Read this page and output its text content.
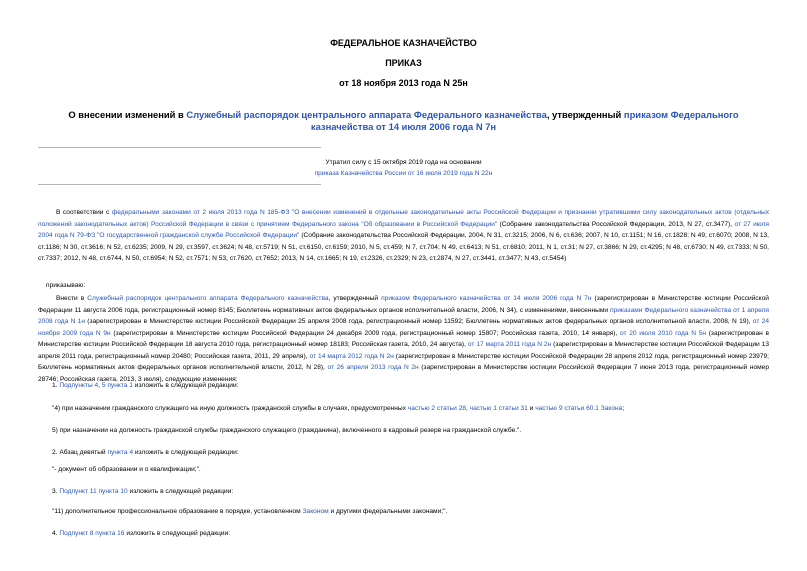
ФЕДЕРАЛЬНОЕ КАЗНАЧЕЙСТВО
ПРИКАЗ
от 18 ноября 2013 года N 25н
О внесении изменений в Служебный распорядок центрального аппарата Федерального казначейства, утвержденный приказом Федерального казначейства от 14 июля 2006 года N 7н
Утратил силу с 15 октября 2019 года на основании
приказа Казначейства России от 16 июля 2019 года N 22н
В соответствии с федеральными законами от 2 июля 2013 года N 185-ФЗ "О внесении изменений в отдельные законодательные акты Российской Федерации и признании утратившими силу законодательных актов (отдельных положений законодательных актов) Российской Федерации в связи с принятием Федерального закона "Об образовании в Российской Федерации" (Собрание законодательства Российской Федерации, 2013, N 27, ст.3477), от 27 июля 2004 года N 79-ФЗ "О государственной гражданской службе Российской Федерации" (Собрание законодательства Российской Федерации, 2004, N 31, ст.3215; 2006, N 6, ст.636; 2007, N 10, ст.1151; N 16, ст.1828; N 49, ст.6070; 2008, N 13, ст.1186; N 30, ст.3616; N 52, ст.6235; 2009, N 29, ст.3597, ст.3624; N 48, ст.5719; N 51, ст.6150, ст.6159; 2010, N 5, ст.459; N 7, ст.704; N 49, ст.6413; N 51, ст.6810; 2011, N 1, ст.31; N 27, ст.3866; N 29, ст.4295; N 48, ст.6730; N 49, ст.7333; N 50, ст.7337; 2012, N 48, ст.6744, N 50, ст.6954; N 52, ст.7571; N 53, ст.7620, ст.7652; 2013, N 14, ст.1665; N 19, ст.2326, ст.2329; N 23, ст.2874, N 27, ст.3441, ст.3477; N 43, ст.5454)
приказываю:
Внести в Служебный распорядок центрального аппарата Федерального казначейства, утвержденный приказом Федерального казначейства от 14 июля 2006 года N 7н (зарегистрирован в Министерстве юстиции Российской Федерации 11 августа 2006 года, регистрационный номер 8145; Бюллетень нормативных актов федеральных органов исполнительной власти, 2006, N 34), с изменениями, внесенными приказами Федерального казначейства от 1 апреля 2008 года N 1н (зарегистрирован в Министерстве юстиции Российской Федерации 25 апреля 2008 года, регистрационный номер 11592; Бюллетень нормативных актов федеральных органов исполнительной власти, 2008, N 19), от 24 ноября 2009 года N 9н (зарегистрирован в Министерстве юстиции Российской Федерации 24 декабря 2009 года, регистрационный номер 15807; Российская газета, 2010, 14 января), от 20 июля 2010 года N 5н (зарегистрирован в Министерстве юстиции Российской Федерации 18 августа 2010 года, регистрационный номер 18183; Российская газета, 2010, 24 августа), от 17 марта 2011 года N 2н (зарегистрирован в Министерстве юстиции Российской Федерации 13 апреля 2011 года, регистрационный номер 20480; Российская газета, 2011, 29 апреля), от 14 марта 2012 года N 2н (зарегистрирован в Министерстве юстиции Российской Федерации 28 апреля 2012 года, регистрационный номер 23979; Бюллетень нормативных актов федеральных органов исполнительной власти, 2012, N 28), от 26 апреля 2013 года N 2н (зарегистрирован в Министерстве юстиции Российской Федерации 7 июня 2013 года, регистрационный номер 28746; Российская газета, 2013, 3 июля), следующие изменения:
1. Подпункты 4, 5 пункта 1 изложить в следующей редакции:
"4) при назначении гражданского служащего на иную должность гражданской службы в случаях, предусмотренных частью 2 статьи 28, частью 1 статьи 31 и частью 9 статьи 60.1 Закона;
5) при назначении на должность гражданской службы гражданского служащего (гражданина), включенного в кадровый резерв на гражданской службе.".
2. Абзац девятый пункта 4 изложить в следующей редакции:
"- документ об образовании и о квалификации;".
3. Подпункт 11 пункта 10 изложить в следующей редакции:
"11) дополнительное профессиональное образование в порядке, установленном Законом и другими федеральными законами;".
4. Подпункт 8 пункта 16 изложить в следующей редакции:
